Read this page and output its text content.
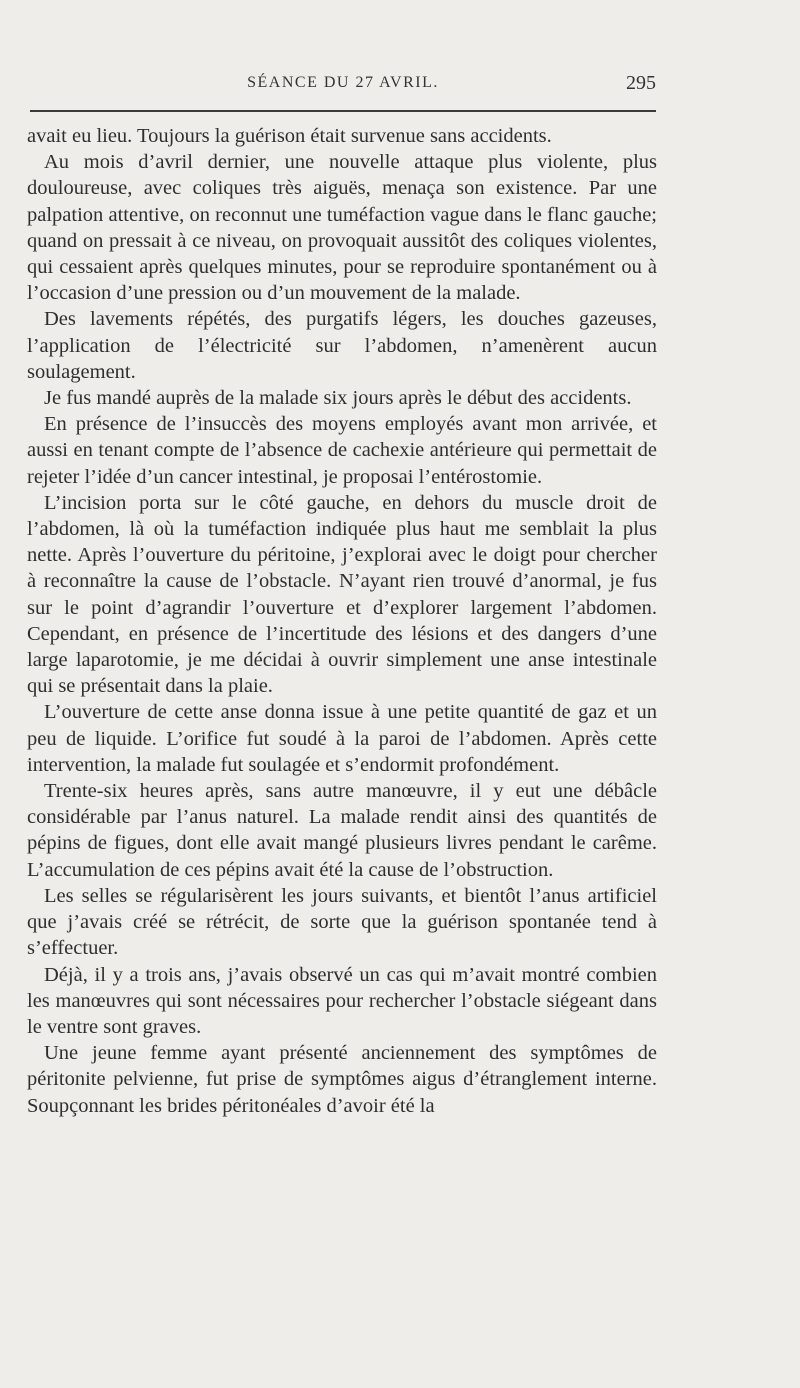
SÉANCE DU 27 AVRIL.	295

avait eu lieu. Toujours la guérison était survenue sans accidents.

Au mois d’avril dernier, une nouvelle attaque plus violente, plus douloureuse, avec coliques très aiguës, menaça son existence. Par une palpation attentive, on reconnut une tuméfaction vague dans le flanc gauche; quand on pressait à ce niveau, on provoquait aussitôt des coliques violentes, qui cessaient après quelques minutes, pour se reproduire spontanément ou à l’occasion d’une pression ou d’un mouvement de la malade.

Des lavements répétés, des purgatifs légers, les douches gazeuses, l’application de l’électricité sur l’abdomen, n’amenèrent aucun soulagement.

Je fus mandé auprès de la malade six jours après le début des accidents.

En présence de l’insuccès des moyens employés avant mon arrivée, et aussi en tenant compte de l’absence de cachexie antérieure qui permettait de rejeter l’idée d’un cancer intestinal, je proposai l’entérostomie.

L’incision porta sur le côté gauche, en dehors du muscle droit de l’abdomen, là où la tuméfaction indiquée plus haut me semblait la plus nette. Après l’ouverture du péritoine, j’explorai avec le doigt pour chercher à reconnaître la cause de l’obstacle. N’ayant rien trouvé d’anormal, je fus sur le point d’agrandir l’ouverture et d’explorer largement l’abdomen. Cependant, en présence de l’incertitude des lésions et des dangers d’une large laparotomie, je me décidai à ouvrir simplement une anse intestinale qui se présentait dans la plaie.

L’ouverture de cette anse donna issue à une petite quantité de gaz et un peu de liquide. L’orifice fut soudé à la paroi de l’abdomen. Après cette intervention, la malade fut soulagée et s’endormit profondément.

Trente-six heures après, sans autre manœuvre, il y eut une débâcle considérable par l’anus naturel. La malade rendit ainsi des quantités de pépins de figues, dont elle avait mangé plusieurs livres pendant le carême. L’accumulation de ces pépins avait été la cause de l’obstruction.

Les selles se régularisèrent les jours suivants, et bientôt l’anus artificiel que j’avais créé se rétrécit, de sorte que la guérison spontanée tend à s’effectuer.

Déjà, il y a trois ans, j’avais observé un cas qui m’avait montré combien les manœuvres qui sont nécessaires pour rechercher l’obstacle siégeant dans le ventre sont graves.

Une jeune femme ayant présenté anciennement des symptômes de péritonite pelvienne, fut prise de symptômes aigus d’étranglement interne. Soupçonnant les brides péritonéales d’avoir été la
